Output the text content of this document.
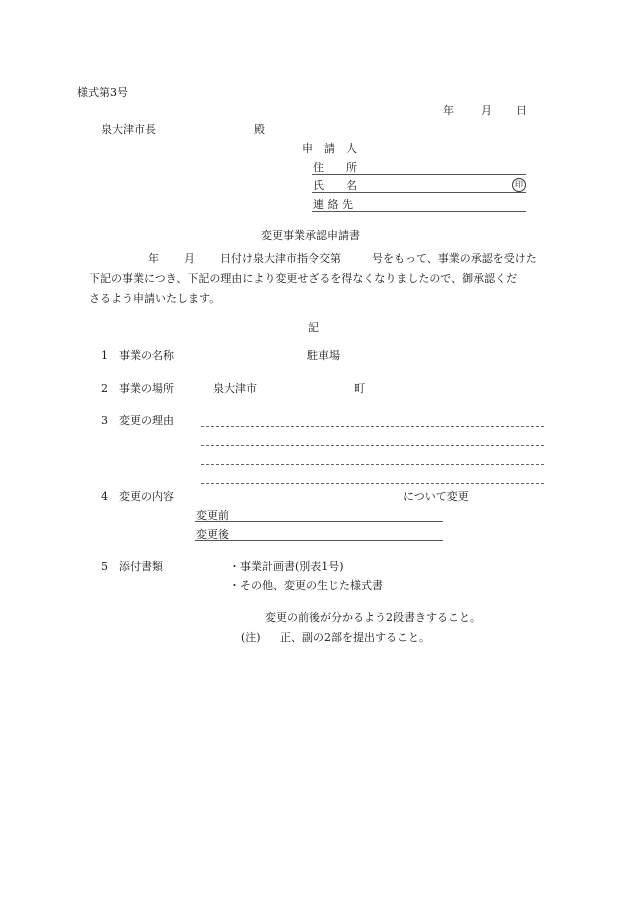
様式第3号
年 月 日
泉大津市長	殿
申　請　人
住　　所
氏　　名	印
連 絡 先
変更事業承認申請書
年 月 日付け泉大津市指令交第	号をもって、事業の承認を受けた
下記の事業につき、下記の理由により変更せざるを得なくなりましたので、御承認くだ
さるよう申請いたします。
記
1 事業の名称	駐車場
2 事業の場所	泉大津市	町
3 変更の理由
4 変更の内容	について変更
変更前
変更後
5 添付書類	・事業計画書(別表1号)
・その他、変更の生じた様式書
変更の前後が分かるよう2段書きすること。
(注) 正、副の2部を提出すること。
